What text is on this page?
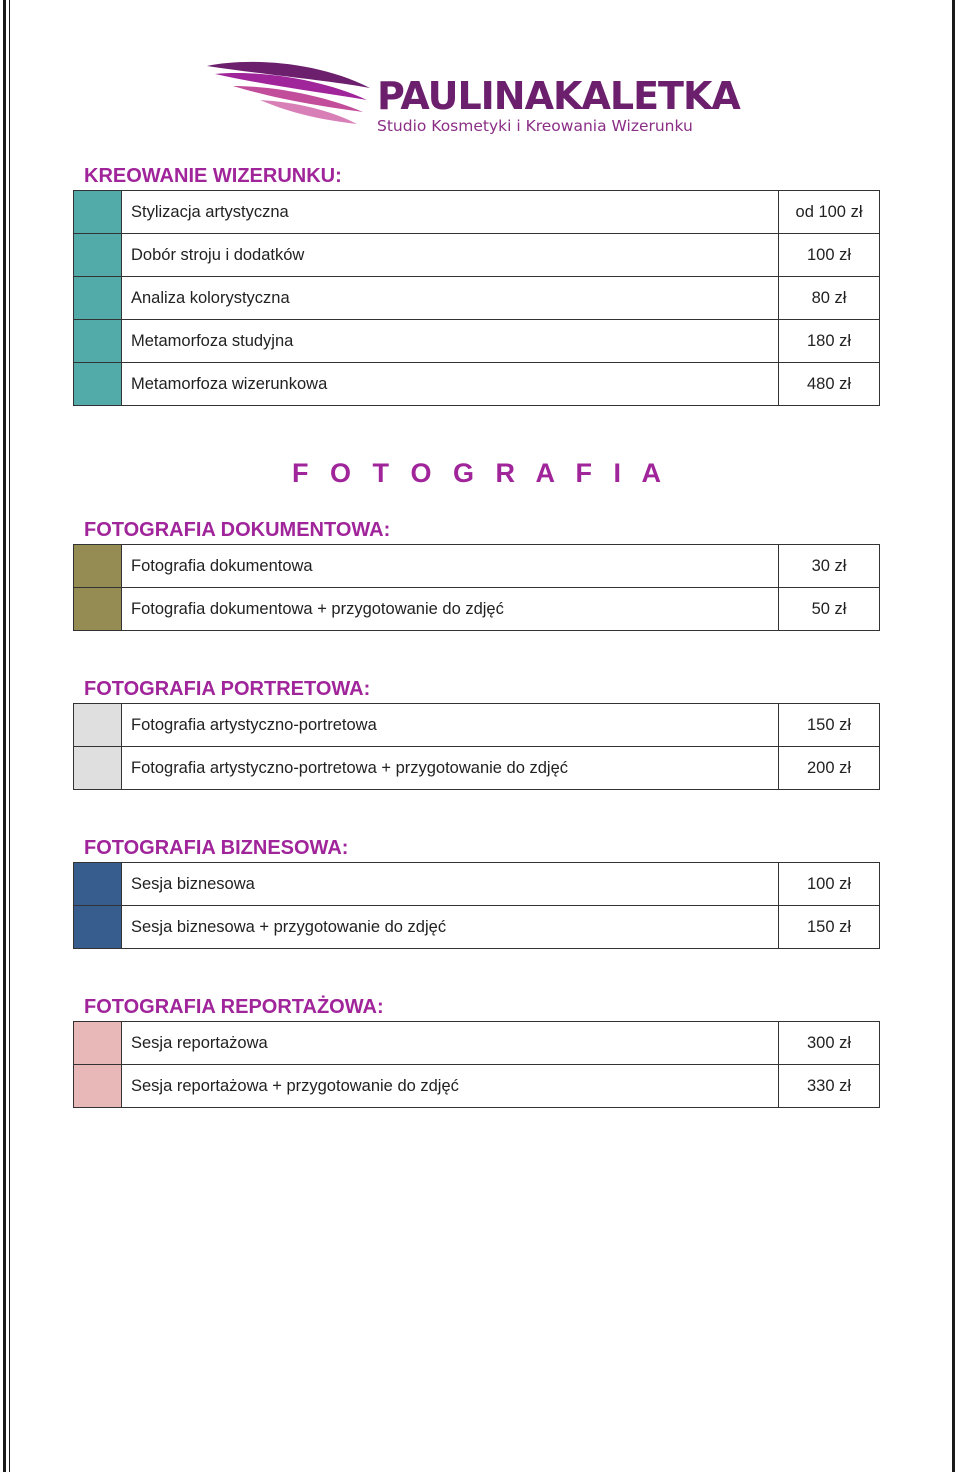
PAULINAKALETKA
Studio Kosmetyki i Kreowania Wizerunku
KREOWANIE WIZERUNKU:
Stylizacja artystyczna	od 100 zł
Dobór stroju i dodatków	100 zł
Analiza kolorystyczna	80 zł
Metamorfoza studyjna	180 zł
Metamorfoza wizerunkowa	480 zł
F O T O G R A F I A
FOTOGRAFIA DOKUMENTOWA:
Fotografia dokumentowa	30 zł
Fotografia dokumentowa + przygotowanie do zdjęć	50 zł
FOTOGRAFIA PORTRETOWA:
Fotografia artystyczno-portretowa	150 zł
Fotografia artystyczno-portretowa + przygotowanie do zdjęć	200 zł
FOTOGRAFIA BIZNESOWA:
Sesja biznesowa	100 zł
Sesja biznesowa + przygotowanie do zdjęć	150 zł
FOTOGRAFIA REPORTAŻOWA:
Sesja reportażowa	300 zł
Sesja reportażowa + przygotowanie do zdjęć	330 zł
